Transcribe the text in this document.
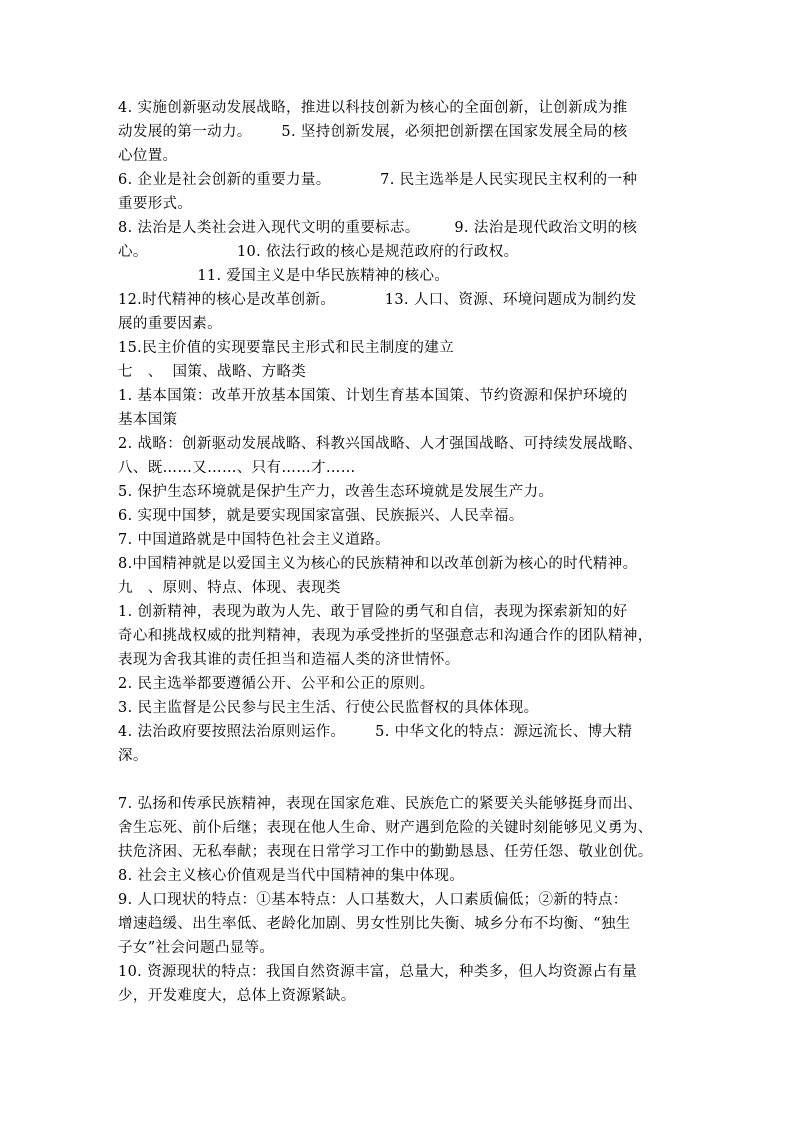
4. 实施创新驱动发展战略，推进以科技创新为核心的全面创新，让创新成为推
动发展的第一动力。      5. 坚持创新发展，必须把创新摆在国家发展全局的核
心位置。
6. 企业是社会创新的重要力量。          7. 民主选举是人民实现民主权利的一种
重要形式。
8. 法治是人类社会进入现代文明的重要标志。       9. 法治是现代政治文明的核
心。                  10. 依法行政的核心是规范政府的行政权。
11. 爱国主义是中华民族精神的核心。
12.时代精神的核心是改革创新。          13. 人口、资源、环境问题成为制约发
展的重要因素。
15.民主价值的实现要靠民主形式和民主制度的建立
七   、  国策、战略、方略类
1. 基本国策：改革开放基本国策、计划生育基本国策、节约资源和保护环境的
基本国策
2. 战略：创新驱动发展战略、科教兴国战略、人才强国战略、可持续发展战略、
八、既……又……、只有……才……
5. 保护生态环境就是保护生产力，改善生态环境就是发展生产力。
6. 实现中国梦，就是要实现国家富强、民族振兴、人民幸福。
7. 中国道路就是中国特色社会主义道路。
8.中国精神就是以爱国主义为核心的民族精神和以改革创新为核心的时代精神。
九   、原则、特点、体现、表现类
1. 创新精神，表现为敢为人先、敢于冒险的勇气和自信，表现为探索新知的好
奇心和挑战权威的批判精神，表现为承受挫折的坚强意志和沟通合作的团队精神，
表现为舍我其谁的责任担当和造福人类的济世情怀。
2. 民主选举都要遵循公开、公平和公正的原则。
3. 民主监督是公民参与民主生活、行使公民监督权的具体体现。
4. 法治政府要按照法治原则运作。      5. 中华文化的特点：源远流长、博大精
深。
7. 弘扬和传承民族精神，表现在国家危难、民族危亡的紧要关头能够挺身而出、
舍生忘死、前仆后继；表现在他人生命、财产遇到危险的关键时刻能够见义勇为、
扶危济困、无私奉献；表现在日常学习工作中的勤勤恳恳、任劳任怨、敬业创优。
8. 社会主义核心价值观是当代中国精神的集中体现。
9. 人口现状的特点：①基本特点：人口基数大，人口素质偏低；②新的特点：
增速趋缓、出生率低、老龄化加剧、男女性别比失衡、城乡分布不均衡、“独生
子女”社会问题凸显等。
10. 资源现状的特点：我国自然资源丰富，总量大，种类多，但人均资源占有量
少，开发难度大，总体上资源紧缺。
